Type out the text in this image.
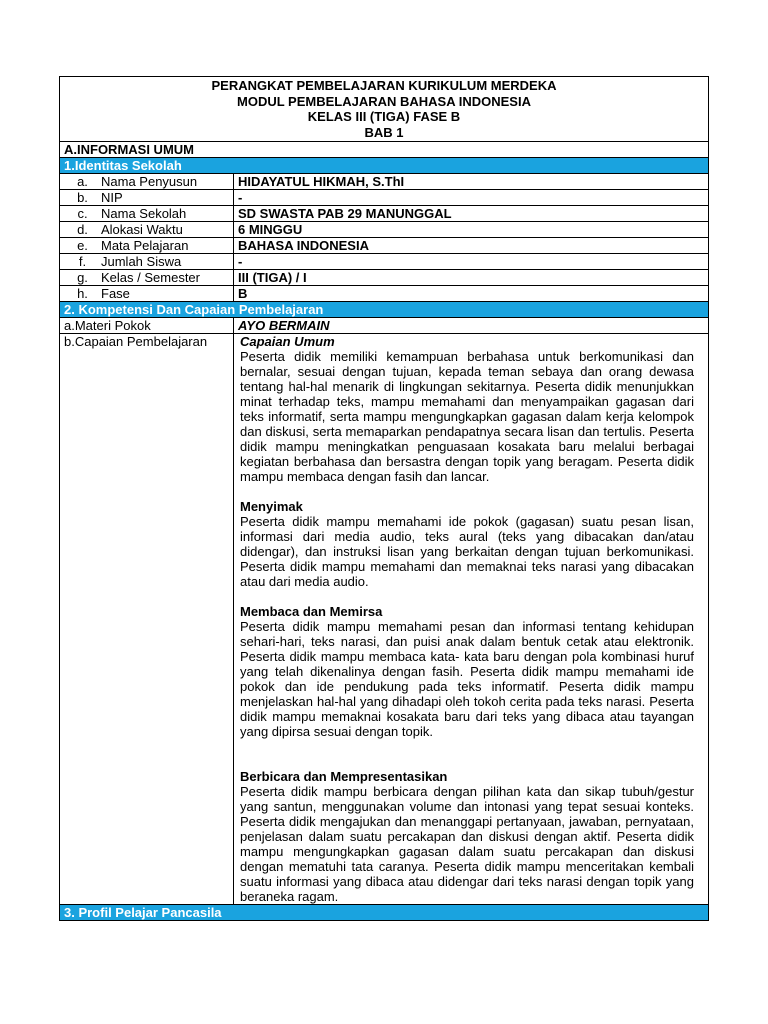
PERANGKAT PEMBELAJARAN KURIKULUM MERDEKA
MODUL PEMBELAJARAN BAHASA INDONESIA
KELAS III (TIGA) FASE B
BAB 1
A.INFORMASI UMUM
1.Identitas Sekolah
a.	Nama Penyusun	HIDAYATUL HIKMAH, S.ThI
b.	NIP	-
c.	Nama Sekolah	SD SWASTA PAB 29 MANUNGGAL
d.	Alokasi Waktu	6 MINGGU
e.	Mata Pelajaran	BAHASA INDONESIA
f.	Jumlah Siswa	-
g.	Kelas / Semester	III (TIGA) / I
h.	Fase	B
2. Kompetensi Dan Capaian Pembelajaran
a.Materi Pokok	AYO BERMAIN
b.Capaian Pembelajaran	Capaian Umum

Peserta didik memiliki kemampuan berbahasa untuk berkomunikasi dan bernalar, sesuai dengan tujuan, kepada teman sebaya dan orang dewasa tentang hal-hal menarik di lingkungan sekitarnya. Peserta didik menunjukkan minat terhadap teks, mampu memahami dan menyampaikan gagasan dari teks informatif, serta mampu mengungkapkan gagasan dalam kerja kelompok dan diskusi, serta memaparkan pendapatnya secara lisan dan tertulis. Peserta didik mampu meningkatkan penguasaan kosakata baru melalui berbagai kegiatan berbahasa dan bersastra dengan topik yang beragam. Peserta didik mampu membaca dengan fasih dan lancar.

Menyimak

Peserta didik mampu memahami ide pokok (gagasan) suatu pesan lisan, informasi dari media audio, teks aural (teks yang dibacakan dan/atau didengar), dan instruksi lisan yang berkaitan dengan tujuan berkomunikasi. Peserta didik mampu memahami dan memaknai teks narasi yang dibacakan atau dari media audio.

Membaca dan Memirsa

Peserta didik mampu memahami pesan dan informasi tentang kehidupan sehari-hari, teks narasi, dan puisi anak dalam bentuk cetak atau elektronik. Peserta didik mampu membaca kata- kata baru dengan pola kombinasi huruf yang telah dikenalinya dengan fasih. Peserta didik mampu memahami ide pokok dan ide pendukung pada teks informatif. Peserta didik mampu menjelaskan hal-hal yang dihadapi oleh tokoh cerita pada teks narasi. Peserta didik mampu memaknai kosakata baru dari teks yang dibaca atau tayangan yang dipirsa sesuai dengan topik.

Berbicara dan Mempresentasikan

Peserta didik mampu berbicara dengan pilihan kata dan sikap tubuh/gestur yang santun, menggunakan volume dan intonasi yang tepat sesuai konteks. Peserta didik mengajukan dan menanggapi pertanyaan, jawaban, pernyataan, penjelasan dalam suatu percakapan dan diskusi dengan aktif. Peserta didik mampu mengungkapkan gagasan dalam suatu percakapan dan diskusi dengan mematuhi tata caranya. Peserta didik mampu menceritakan kembali suatu informasi yang dibaca atau didengar dari teks narasi dengan topik yang beraneka ragam.

3. Profil Pelajar Pancasila
